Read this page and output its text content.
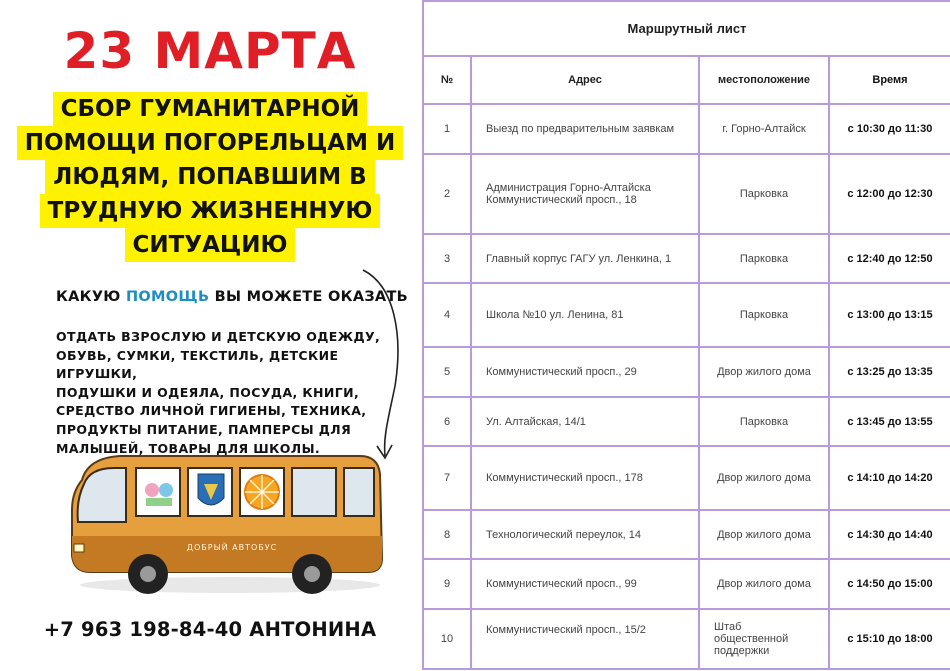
23 МАРТА
СБОР ГУМАНИТАРНОЙ
ПОМОЩИ ПОГОРЕЛЬЦАМ И
ЛЮДЯМ, ПОПАВШИМ В
ТРУДНУЮ ЖИЗНЕННУЮ
СИТУАЦИЮ
КАКУЮ ПОМОЩЬ ВЫ МОЖЕТЕ ОКАЗАТЬ
ОТДАТЬ ВЗРОСЛУЮ И ДЕТСКУЮ ОДЕЖДУ,
ОБУВЬ, СУМКИ, ТЕКСТИЛЬ, ДЕТСКИЕ ИГРУШКИ,
ПОДУШКИ И ОДЕЯЛА, ПОСУДА, КНИГИ,
СРЕДСТВО ЛИЧНОЙ ГИГИЕНЫ, ТЕХНИКА,
ПРОДУКТЫ ПИТАНИЕ, ПАМПЕРСЫ ДЛЯ
МАЛЫШЕЙ, ТОВАРЫ ДЛЯ ШКОЛЫ.
ДОБРЫЙ АВТОБУС
+7 963 198-84-40 АНТОНИНА
Маршрутный лист			
№	Адрес	местоположение	Время
1	Выезд по предварительным заявкам	г. Горно-Алтайск	с 10:30 до 11:30
2	Администрация Горно-Алтайска
Коммунистический просп., 18	Парковка	с 12:00 до 12:30
3	Главный корпус ГАГУ ул. Ленкина, 1	Парковка	с 12:40 до 12:50
4	Школа №10 ул. Ленина, 81	Парковка	с 13:00 до 13:15
5	Коммунистический просп., 29	Двор жилого дома	с 13:25 до 13:35
6	Ул. Алтайская, 14/1	Парковка	с 13:45 до 13:55
7	Коммунистический просп., 178	Двор жилого дома	с 14:10 до 14:20
8	Технологический переулок, 14	Двор жилого дома	с 14:30 до 14:40
9	Коммунистический просп., 99	Двор жилого дома	с 14:50 до 15:00
10	Коммунистический просп., 15/2	Штаб
общественной
поддержки	с 15:10 до 18:00
